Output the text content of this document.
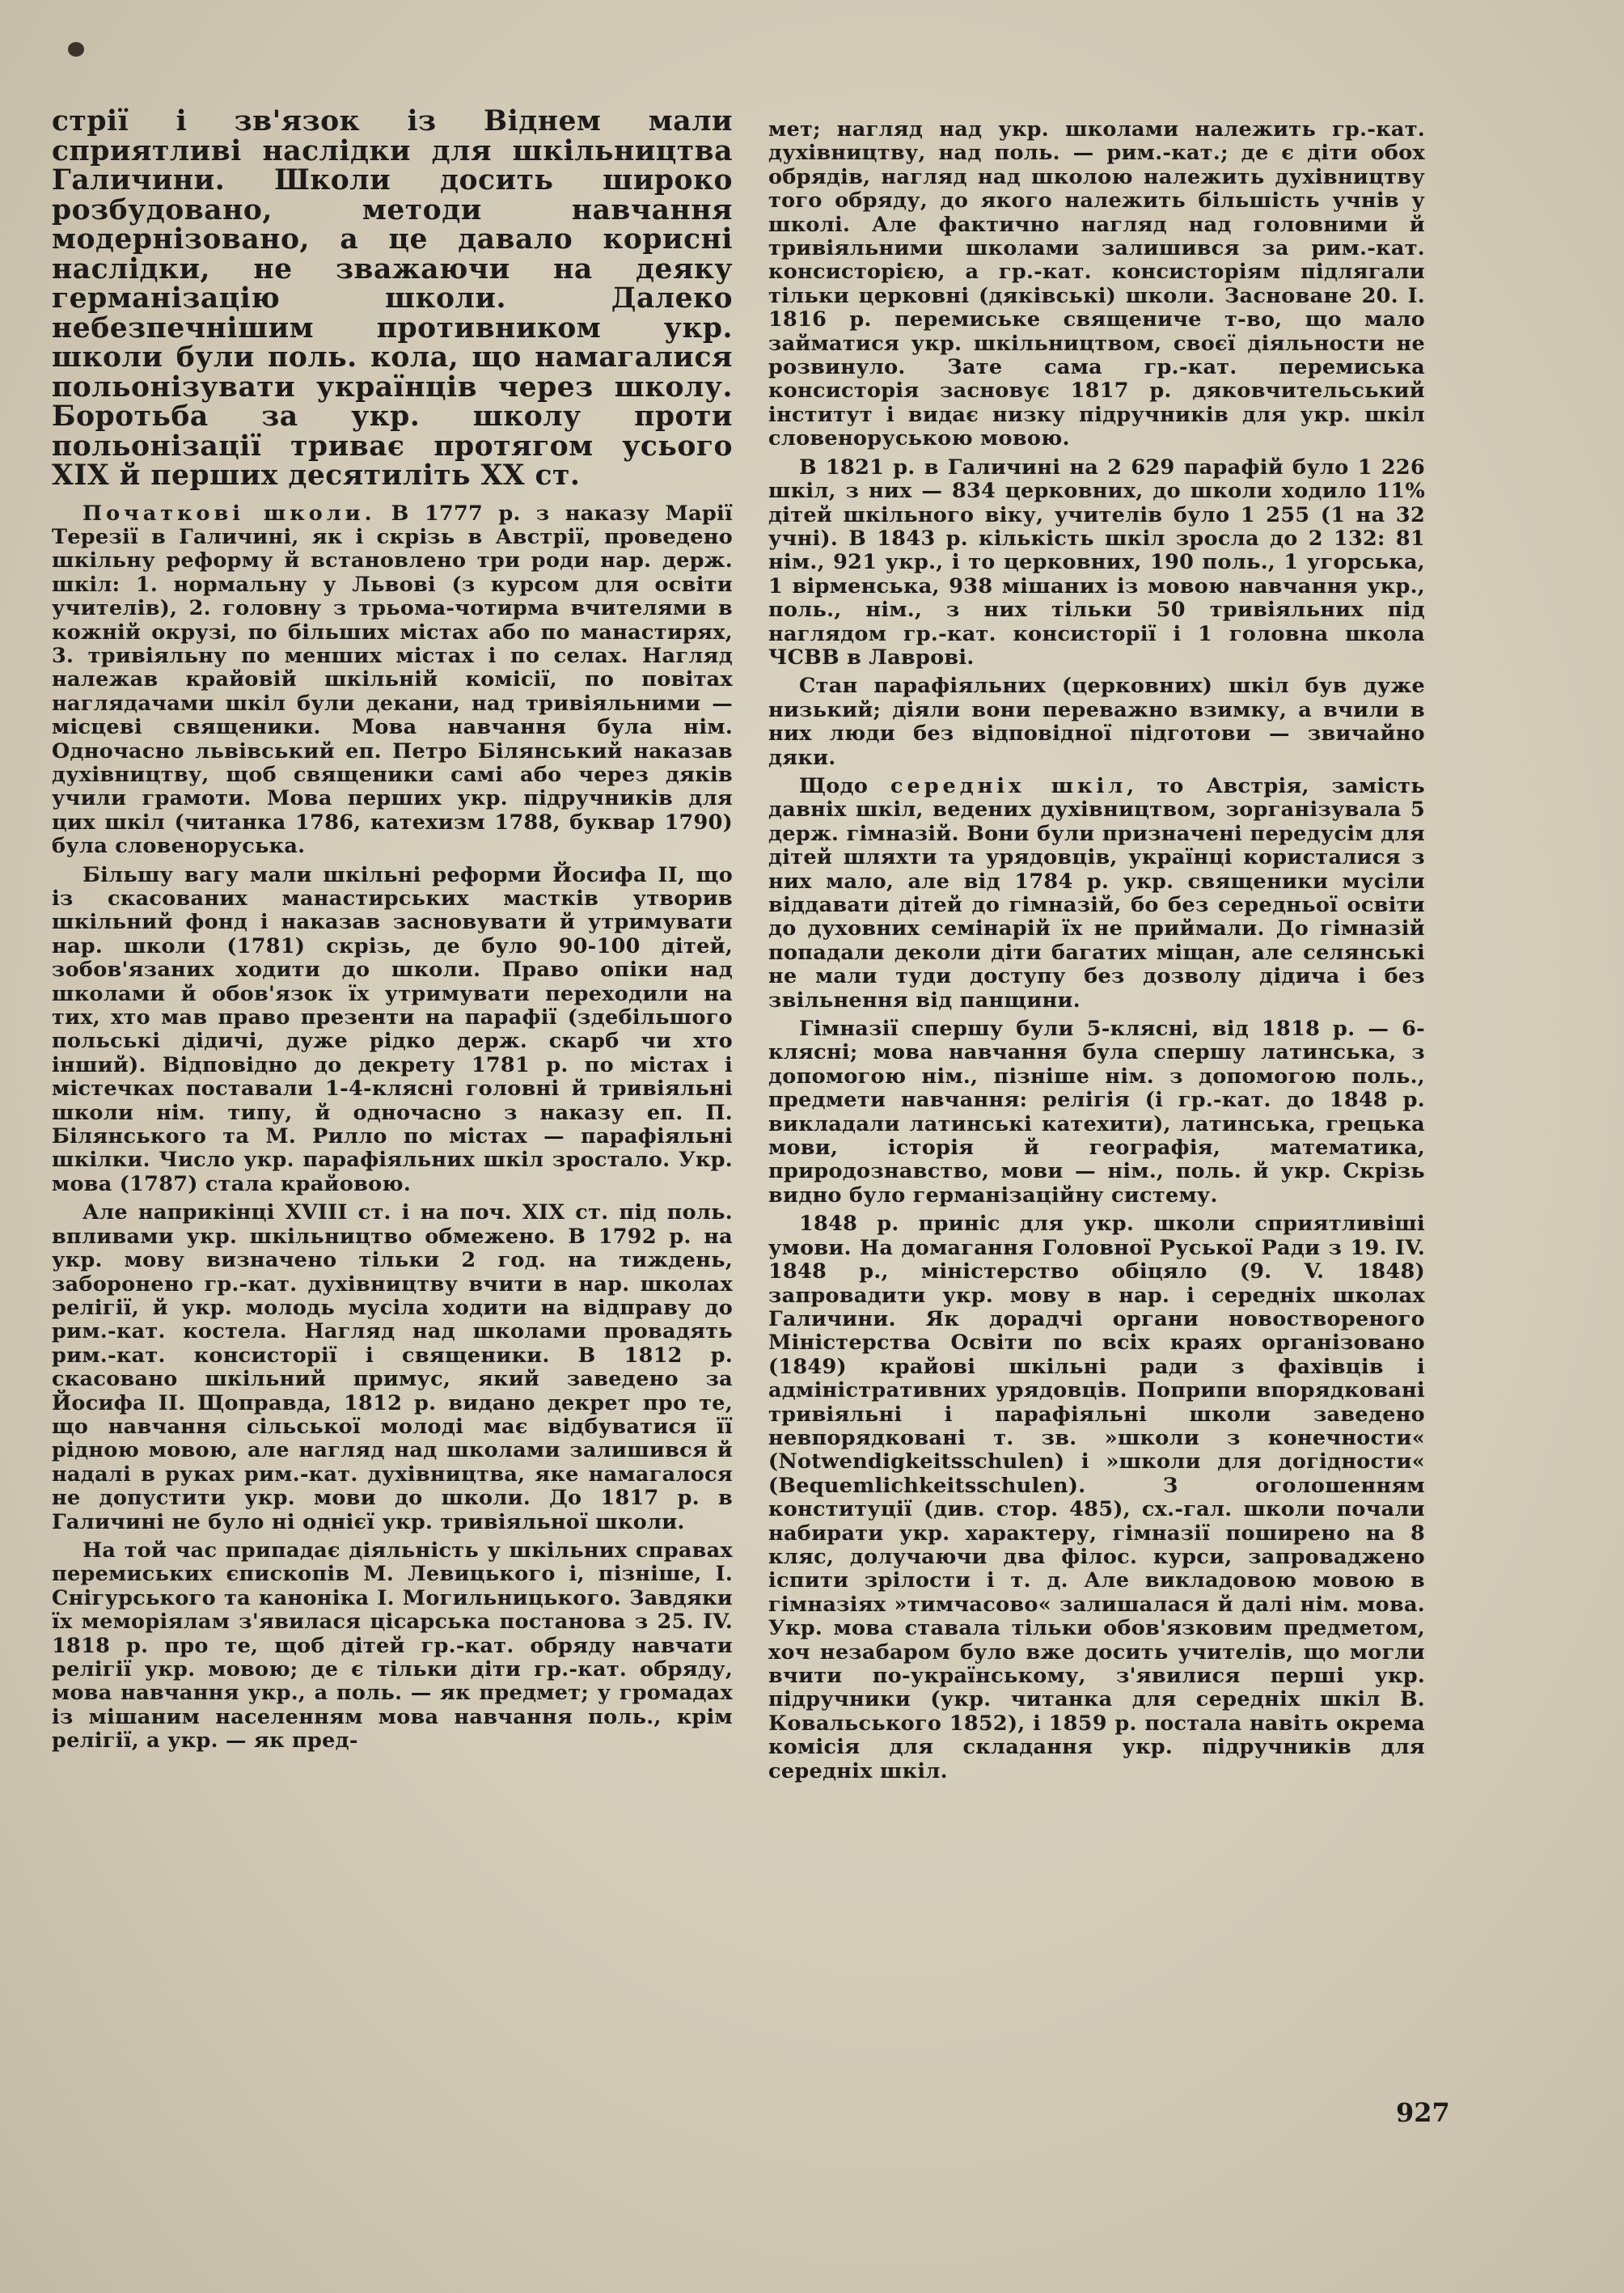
стрії і зв'язок із Віднем мали сприятливі наслідки для шкільництва Галичини. Школи досить широко розбудовано, методи навчання модернізовано, а це давало корисні наслідки, не зважаючи на деяку германізацію школи. Далеко небезпечнішим противником укр. школи були поль. кола, що намагалися польонізувати українців через школу. Боротьба за укр. школу проти польонізації триває протягом усього XIX й перших десятиліть XX ст.

Початкові школи. В 1777 р. з наказу Марії Терезії в Галичині, як і скрізь в Австрії, проведено шкільну реформу й встановлено три роди нар. держ. шкіл: 1. нормальну у Львові (з курсом для освіти учителів), 2. головну з трьома-чотирма вчителями в кожній окрузі, по більших містах або по манастирях, 3. тривіяльну по менших містах і по селах. Нагляд належав крайовій шкільній комісії, по повітах наглядачами шкіл були декани, над тривіяльними — місцеві священики. Мова навчання була нім. Одночасно львівський еп. Петро Білянський наказав духівництву, щоб священики самі або через дяків учили грамоти. Мова перших укр. підручників для цих шкіл (читанка 1786, катехизм 1788, буквар 1790) була словеноруська.

Більшу вагу мали шкільні реформи Йосифа II, що із скасованих манастирських мастків утворив шкільний фонд і наказав засновувати й утримувати нар. школи (1781) скрізь, де було 90-100 дітей, зобов'язаних ходити до школи. Право опіки над школами й обов'язок їх утримувати переходили на тих, хто мав право презенти на парафії (здебільшого польські дідичі, дуже рідко держ. скарб чи хто інший). Відповідно до декрету 1781 р. по містах і містечках поставали 1-4-клясні головні й тривіяльні школи нім. типу, й одночасно з наказу еп. П. Білянського та М. Рилло по містах — парафіяльні шкілки. Число укр. парафіяльних шкіл зростало. Укр. мова (1787) стала крайовою.

Але наприкінці XVIII ст. і на поч. XIX ст. під поль. впливами укр. шкільництво обмежено. В 1792 р. на укр. мову визначено тільки 2 год. на тиждень, заборонено гр.-кат. духівництву вчити в нар. школах релігії, й укр. молодь мусіла ходити на відправу до рим.-кат. костела. Нагляд над школами провадять рим.-кат. консисторії і священики. В 1812 р. скасовано шкільний примус, який заведено за Йосифа II. Щоправда, 1812 р. видано декрет про те, що навчання сільської молоді має відбуватися її рідною мовою, але нагляд над школами залишився й надалі в руках рим.-кат. духівництва, яке намагалося не допустити укр. мови до школи. До 1817 р. в Галичині не було ні однієї укр. тривіяльної школи.

На той час припадає діяльність у шкільних справах перемиських єпископів М. Левицького і, пізніше, І. Снігурського та каноніка І. Могильницького. Завдяки їх меморіялам з'явилася цісарська постанова з 25. IV. 1818 р. про те, щоб дітей гр.-кат. обряду навчати релігії укр. мовою; де є тільки діти гр.-кат. обряду, мова навчання укр., а поль. — як предмет; у громадах із мішаним населенням мова навчання поль., крім релігії, а укр. — як пред-

мет; нагляд над укр. школами належить гр.-кат. духівництву, над поль. — рим.-кат.; де є діти обох обрядів, нагляд над школою належить духівництву того обряду, до якого належить більшість учнів у школі. Але фактично нагляд над головними й тривіяльними школами залишився за рим.-кат. консисторією, а гр.-кат. консисторіям підлягали тільки церковні (дяківські) школи. Засноване 20. І. 1816 р. перемиське священиче т-во, що мало займатися укр. шкільництвом, своєї діяльности не розвинуло. Зате сама гр.-кат. перемиська консисторія засновує 1817 р. дяковчительський інститут і видає низку підручників для укр. шкіл словеноруською мовою.

В 1821 р. в Галичині на 2 629 парафій було 1 226 шкіл, з них — 834 церковних, до школи ходило 11% дітей шкільного віку, учителів було 1 255 (1 на 32 учні). В 1843 р. кількість шкіл зросла до 2 132: 81 нім., 921 укр., і то церковних, 190 поль., 1 угорська, 1 вірменська, 938 мішаних із мовою навчання укр., поль., нім., з них тільки 50 тривіяльних під наглядом гр.-кат. консисторії і 1 головна школа ЧСВВ в Лаврові.

Стан парафіяльних (церковних) шкіл був дуже низький; діяли вони переважно взимку, а вчили в них люди без відповідної підготови — звичайно дяки.

Щодо середніх шкіл, то Австрія, замість давніх шкіл, ведених духівництвом, зорганізувала 5 держ. гімназій. Вони були призначені передусім для дітей шляхти та урядовців, українці користалися з них мало, але від 1784 р. укр. священики мусіли віддавати дітей до гімназій, бо без середньої освіти до духовних семінарій їх не приймали. До гімназій попадали деколи діти багатих міщан, але селянські не мали туди доступу без дозволу дідича і без звільнення від панщини.

Гімназії спершу були 5-клясні, від 1818 р. — 6-клясні; мова навчання була спершу латинська, з допомогою нім., пізніше нім. з допомогою поль., предмети навчання: релігія (і гр.-кат. до 1848 р. викладали латинські катехити), латинська, грецька мови, історія й географія, математика, природознавство, мови — нім., поль. й укр. Скрізь видно було германізаційну систему.

1848 р. приніс для укр. школи сприятливіші умови. На домагання Головної Руської Ради з 19. IV. 1848 р., міністерство обіцяло (9. V. 1848) запровадити укр. мову в нар. і середніх школах Галичини. Як дорадчі органи новоствореного Міністерства Освіти по всіх краях організовано (1849) крайові шкільні ради з фахівців і адміністративних урядовців. Поприпи впорядковані тривіяльні і парафіяльні школи заведено невпорядковані т. зв. »школи з конечности« (Notwendigkeitsschulen) і »школи для догідности« (Bequemlichkeitsschulen). З оголошенням конституції (див. стор. 485), сх.-гал. школи почали набирати укр. характеру, гімназії поширено на 8 кляс, долучаючи два філос. курси, запроваджено іспити зрілости і т. д. Але викладовою мовою в гімназіях »тимчасово« залишалася й далі нім. мова. Укр. мова ставала тільки обов'язковим предметом, хоч незабаром було вже досить учителів, що могли вчити по-українському, з'явилися перші укр. підручники (укр. читанка для середніх шкіл В. Ковальського 1852), і 1859 р. постала навіть окрема комісія для складання укр. підручників для середніх шкіл.

927
